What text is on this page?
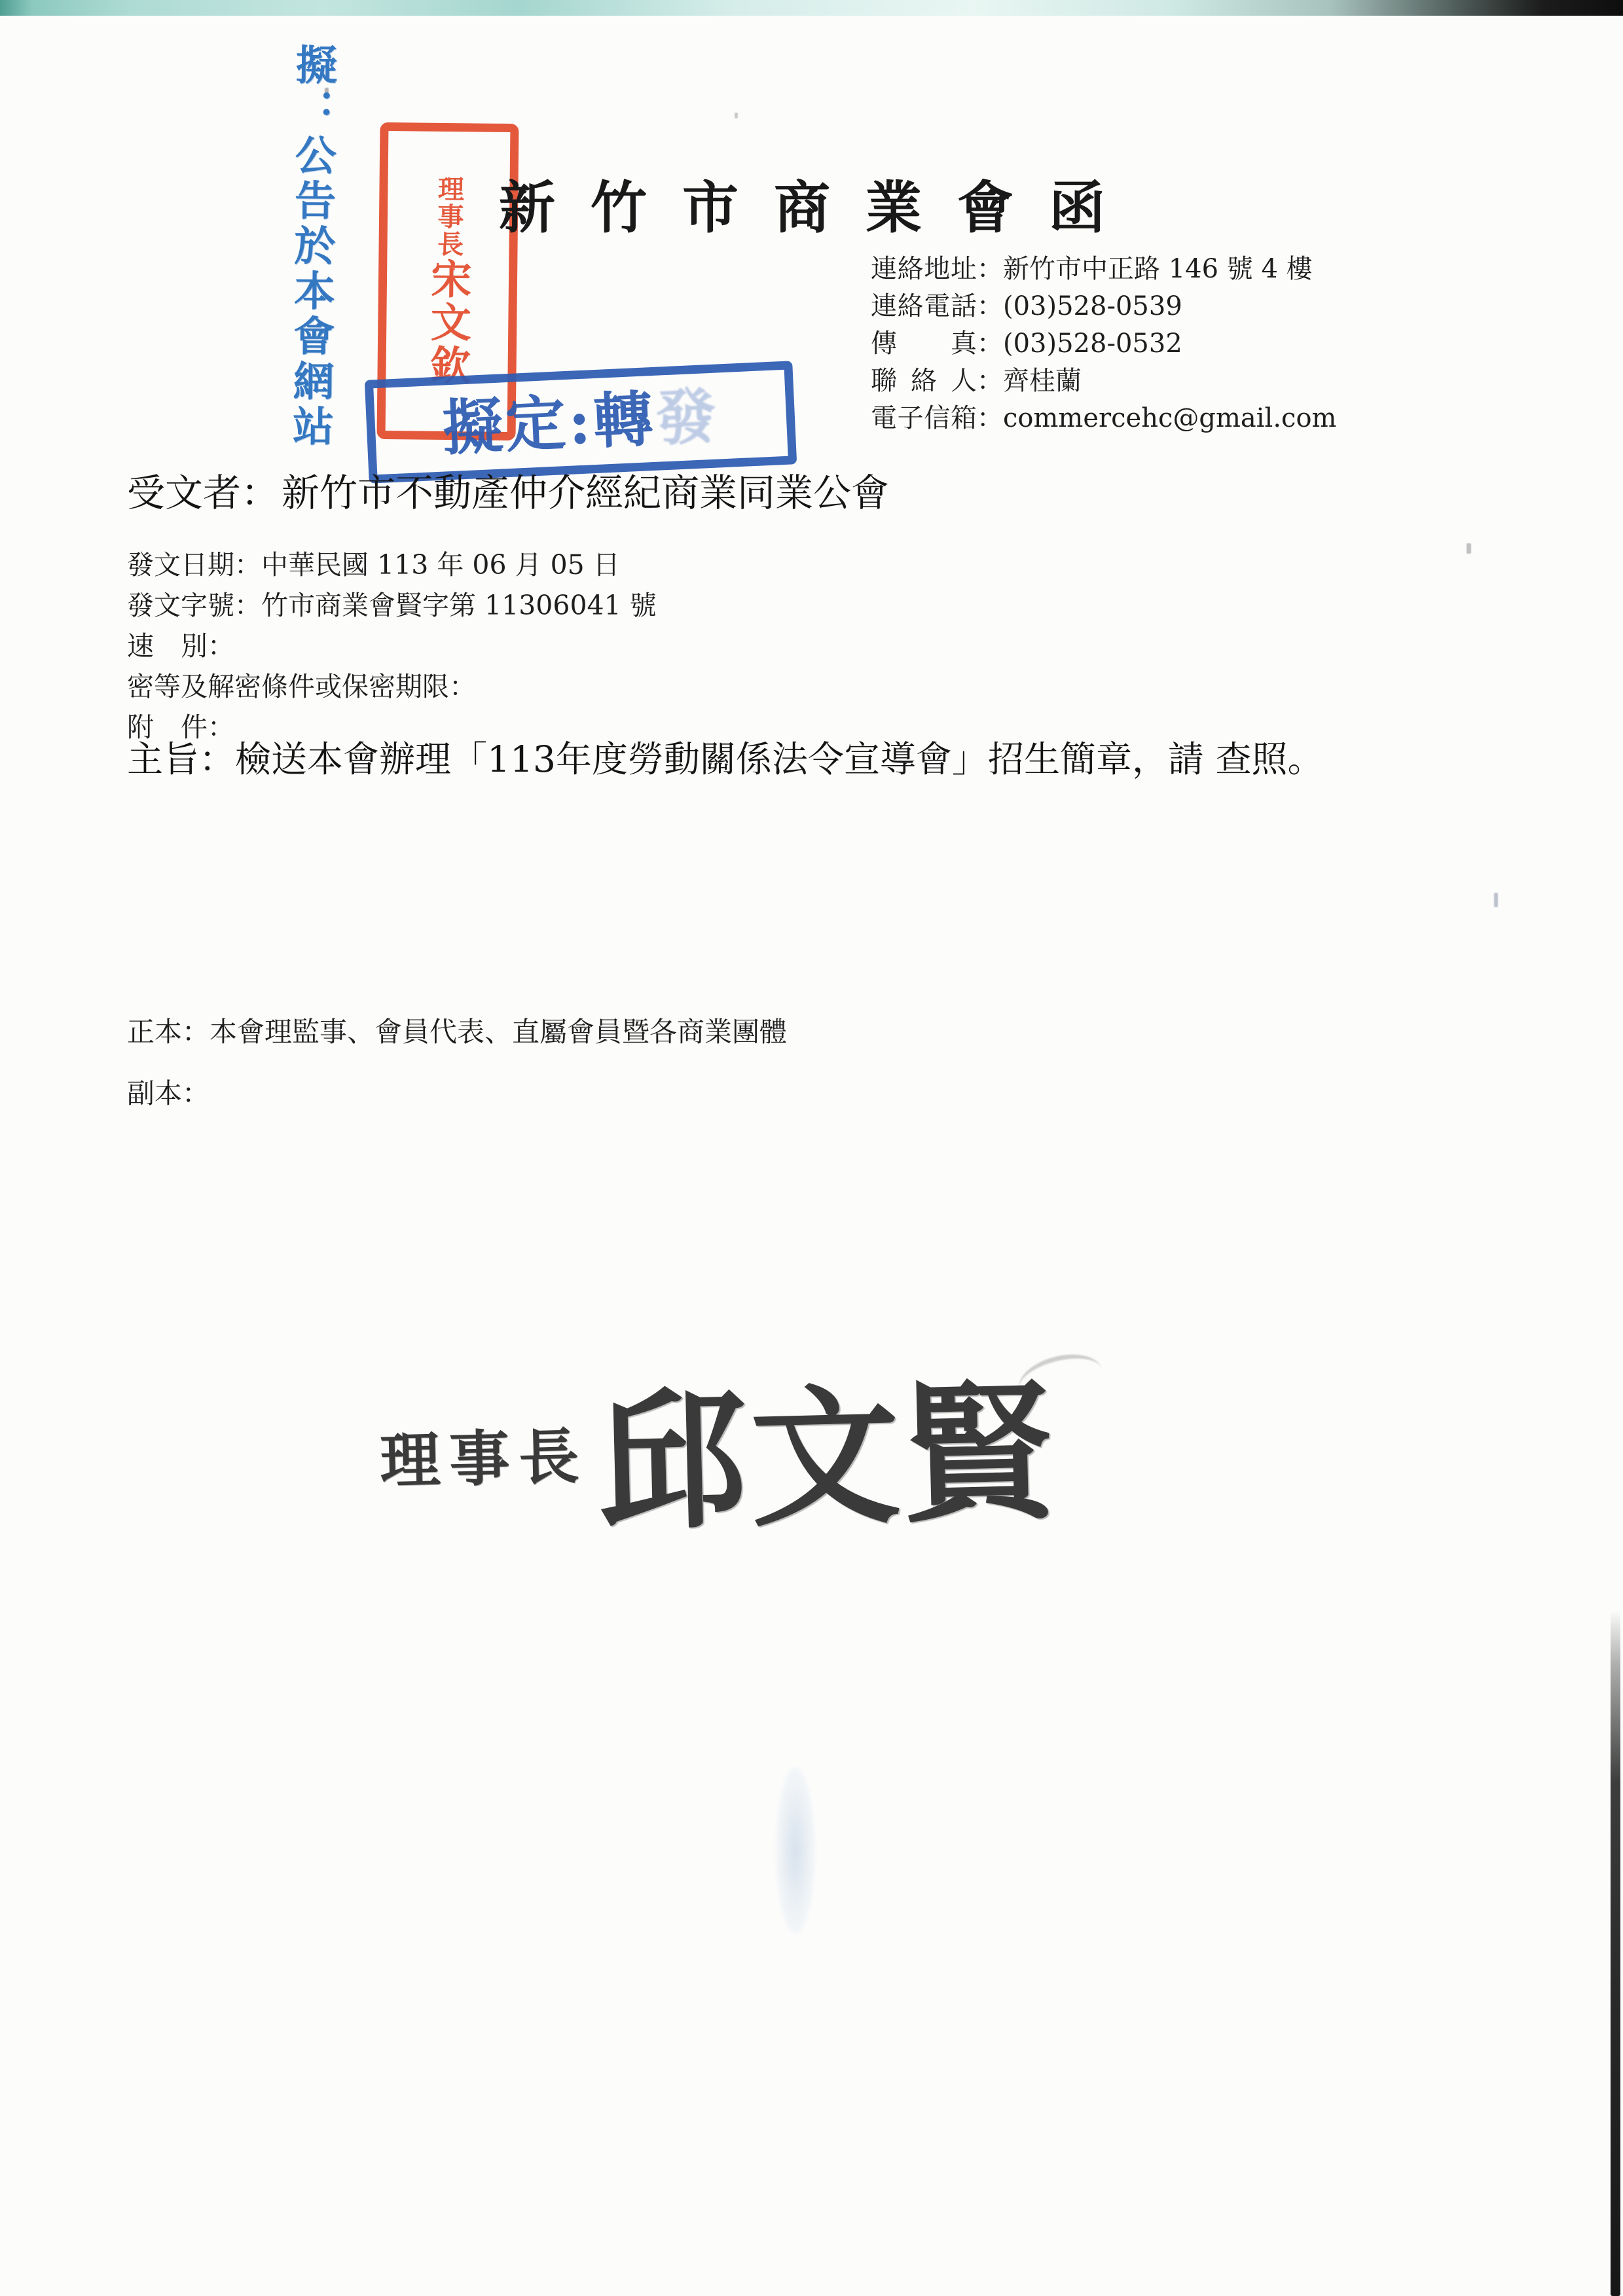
擬：公告於本會網站	理事長宋文欽
擬定:轉發
新竹市商業會函
連絡地址：新竹市中正路 146 號 4 樓
連絡電話：(03)528-0539
傳真：(03)528-0532
聯絡人：齊桂蘭
電子信箱：commercehc@gmail.com
受文者：新竹市不動產仲介經紀商業同業公會
發文日期：中華民國 113 年 06 月 05 日
發文字號：竹市商業會賢字第 11306041 號
速　別：
密等及解密條件或保密期限：
附　件：
主旨：檢送本會辦理「113年度勞動關係法令宣導會」招生簡章，請 查照。
正本：本會理監事、會員代表、直屬會員暨各商業團體
副本：
理事長 邱文賢
